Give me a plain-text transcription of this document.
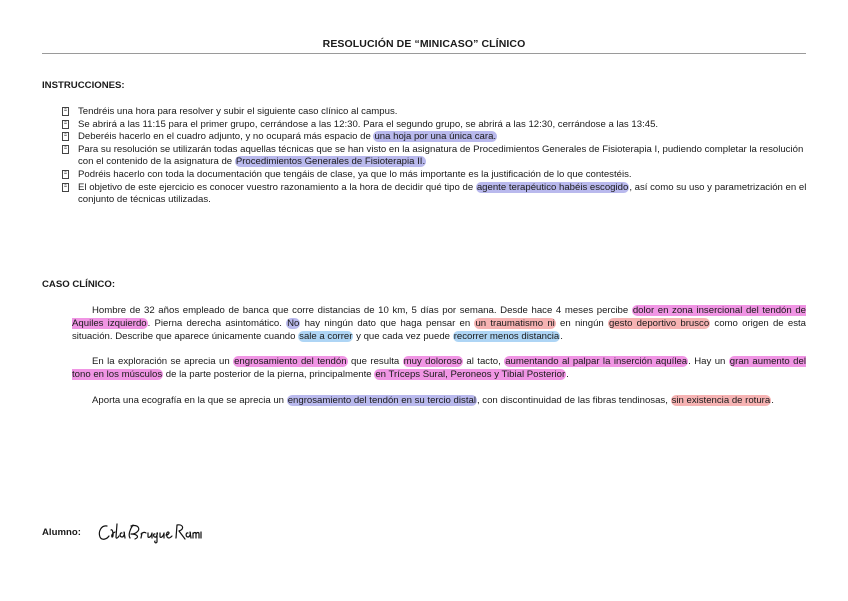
RESOLUCIÓN DE “MINICASO” CLÍNICO
INSTRUCCIONES:
⍰ Tendréis una hora para resolver y subir el siguiente caso clínico al campus.
⍰ Se abrirá a las 11:15 para el primer grupo, cerrándose a las 12:30. Para el segundo grupo, se abrirá a las 12:30, cerrándose a las 13:45.
⍰ Deberéis hacerlo en el cuadro adjunto, y no ocupará más espacio de una hoja por una única cara.
⍰ Para su resolución se utilizarán todas aquellas técnicas que se han visto en la asignatura de Procedimientos Generales de Fisioterapia I, pudiendo completar la resolución con el contenido de la asignatura de Procedimientos Generales de Fisioterapia II.
⍰ Podréis hacerlo con toda la documentación que tengáis de clase, ya que lo más importante es la justificación de lo que contestéis.
⍰ El objetivo de este ejercicio es conocer vuestro razonamiento a la hora de decidir qué tipo de agente terapéutico habéis escogido, así como su uso y parametrización en el conjunto de técnicas utilizadas.
CASO CLÍNICO:

Hombre de 32 años empleado de banca que corre distancias de 10 km, 5 días por semana. Desde hace 4 meses percibe dolor en zona insercional del tendón de Aquiles izquierdo. Pierna derecha asintomático. No hay ningún dato que haga pensar en un traumatismo ni en ningún gesto deportivo brusco como origen de esta situación. Describe que aparece únicamente cuando sale a correr y que cada vez puede recorrer menos distancia.

En la exploración se aprecia un engrosamiento del tendón que resulta muy doloroso al tacto, aumentando al palpar la inserción aquílea. Hay un gran aumento del tono en los músculos de la parte posterior de la pierna, principalmente en Tríceps Sural, Peroneos y Tibial Posterior.

Aporta una ecografía en la que se aprecia un engrosamiento del tendón en su tercio distal, con discontinuidad de las fibras tendinosas, sin existencia de rotura.

Alumno:
